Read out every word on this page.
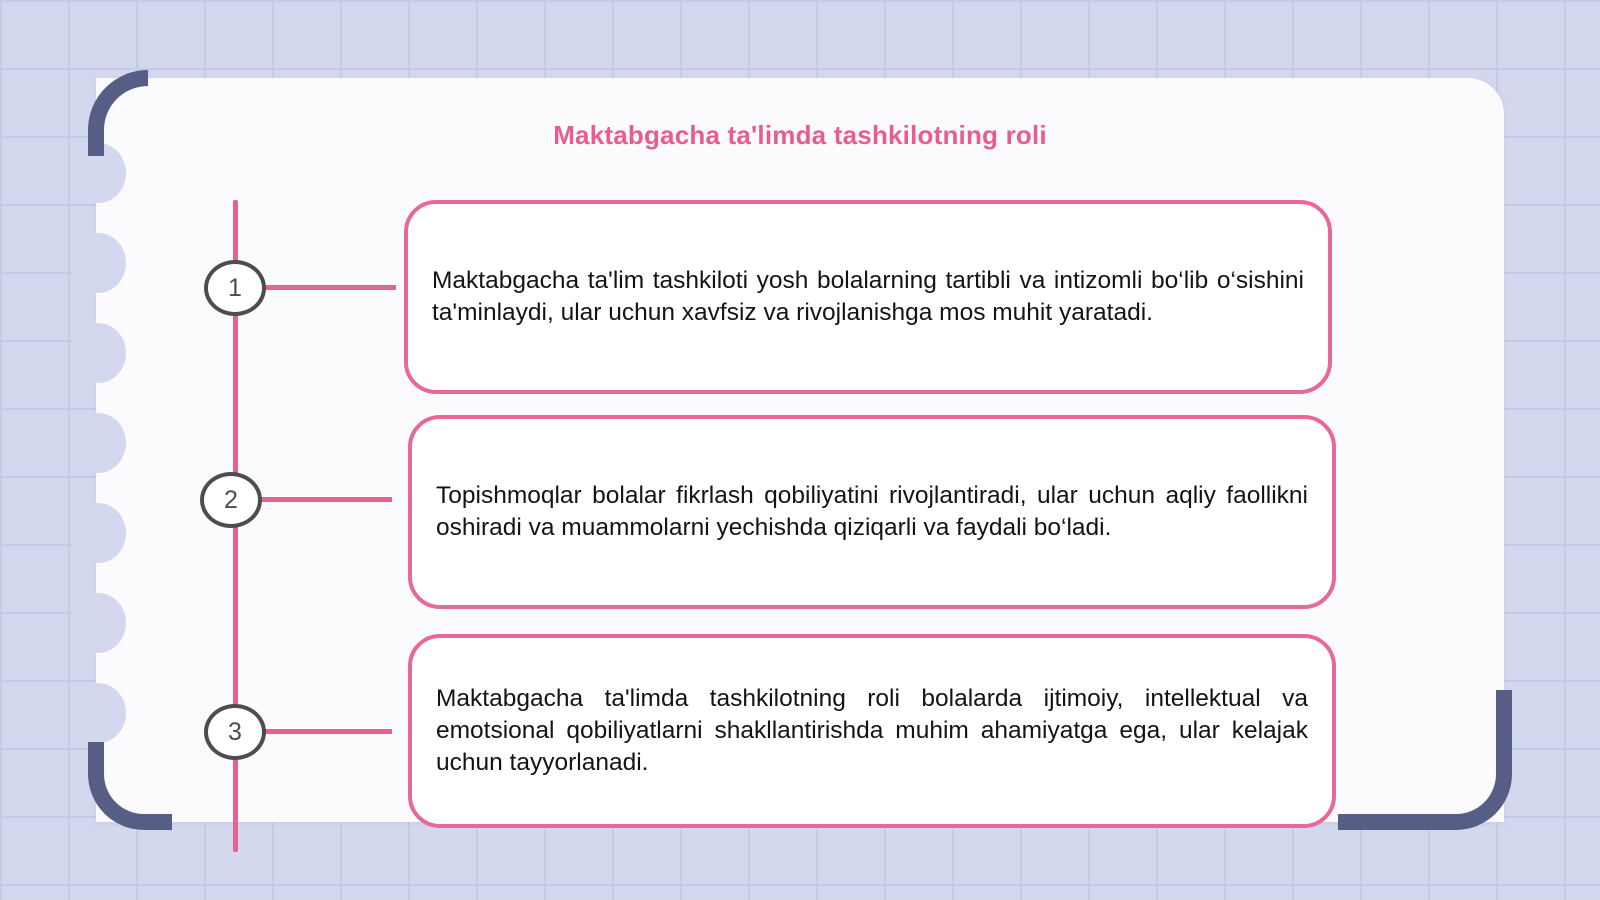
Maktabgacha ta'limda tashkilotning roli
1	Maktabgacha ta'lim tashkiloti yosh bolalarning tartibli va intizomli bo‘lib o‘sishini ta'minlaydi, ular uchun xavfsiz va rivojlanishga mos muhit yaratadi.
2	Topishmoqlar bolalar fikrlash qobiliyatini rivojlantiradi, ular uchun aqliy faollikni oshiradi va muammolarni yechishda qiziqarli va faydali bo‘ladi.
3
Maktabgacha ta'limda tashkilotning roli bolalarda ijtimoiy, intellektual va emotsional qobiliyatlarni shakllantirishda muhim ahamiyatga ega, ular kelajak uchun tayyorlanadi.
